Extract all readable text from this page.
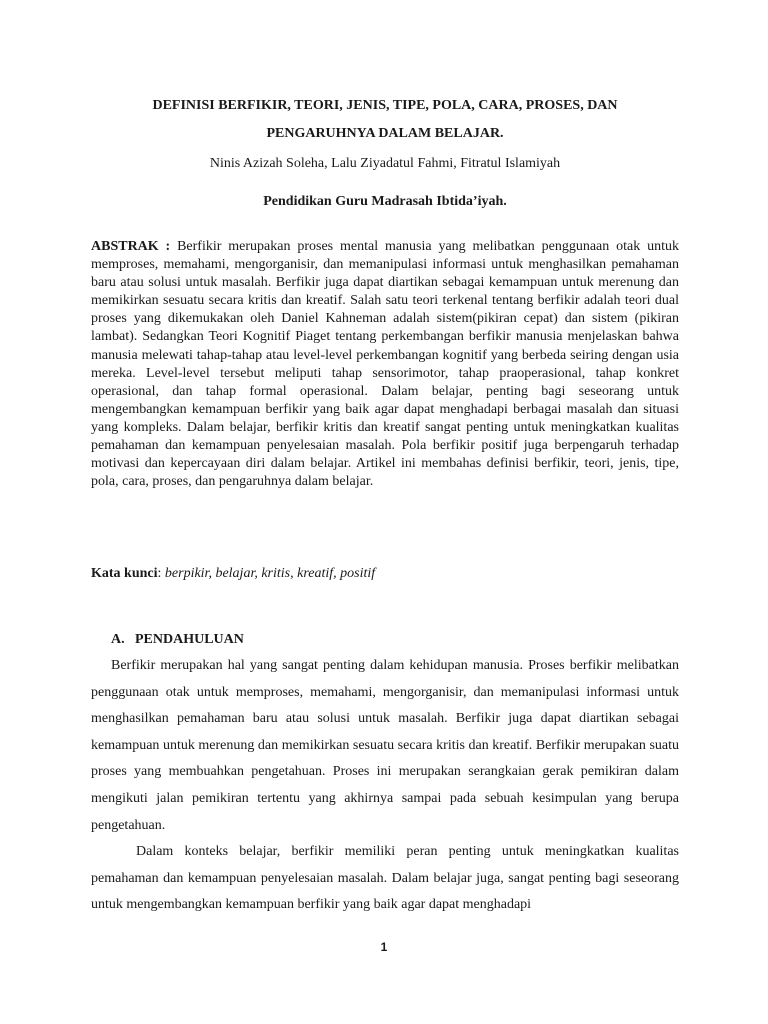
DEFINISI BERFIKIR, TEORI, JENIS, TIPE, POLA, CARA, PROSES, DAN
PENGARUHNYA DALAM BELAJAR.
Ninis Azizah Soleha, Lalu Ziyadatul Fahmi, Fitratul Islamiyah
Pendidikan Guru Madrasah Ibtida’iyah.

ABSTRAK : Berfikir merupakan proses mental manusia yang melibatkan penggunaan otak untuk memproses, memahami, mengorganisir, dan memanipulasi informasi untuk menghasilkan pemahaman baru atau solusi untuk masalah. Berfikir juga dapat diartikan sebagai kemampuan untuk merenung dan memikirkan sesuatu secara kritis dan kreatif. Salah satu teori terkenal tentang berfikir adalah teori dual proses yang dikemukakan oleh Daniel Kahneman adalah sistem(pikiran cepat) dan sistem (pikiran lambat). Sedangkan Teori Kognitif Piaget tentang perkembangan berfikir manusia menjelaskan bahwa manusia melewati tahap-tahap atau level-level perkembangan kognitif yang berbeda seiring dengan usia mereka. Level-level tersebut meliputi tahap sensorimotor, tahap praoperasional, tahap konkret operasional, dan tahap formal operasional. Dalam belajar, penting bagi seseorang untuk mengembangkan kemampuan berfikir yang baik agar dapat menghadapi berbagai masalah dan situasi yang kompleks. Dalam belajar, berfikir kritis dan kreatif sangat penting untuk meningkatkan kualitas pemahaman dan kemampuan penyelesaian masalah. Pola berfikir positif juga berpengaruh terhadap motivasi dan kepercayaan diri dalam belajar. Artikel ini membahas definisi berfikir, teori, jenis, tipe, pola, cara, proses, dan pengaruhnya dalam belajar.

Kata kunci: berpikir, belajar, kritis, kreatif, positif

A. PENDAHULUAN

Berfikir merupakan hal yang sangat penting dalam kehidupan manusia. Proses berfikir melibatkan penggunaan otak untuk memproses, memahami, mengorganisir, dan memanipulasi informasi untuk menghasilkan pemahaman baru atau solusi untuk masalah. Berfikir juga dapat diartikan sebagai kemampuan untuk merenung dan memikirkan sesuatu secara kritis dan kreatif. Berfikir merupakan suatu proses yang membuahkan pengetahuan. Proses ini merupakan serangkaian gerak pemikiran dalam mengikuti jalan pemikiran tertentu yang akhirnya sampai pada sebuah kesimpulan yang berupa pengetahuan.

Dalam konteks belajar, berfikir memiliki peran penting untuk meningkatkan kualitas pemahaman dan kemampuan penyelesaian masalah. Dalam belajar juga, sangat penting bagi seseorang untuk mengembangkan kemampuan berfikir yang baik agar dapat menghadapi

1
